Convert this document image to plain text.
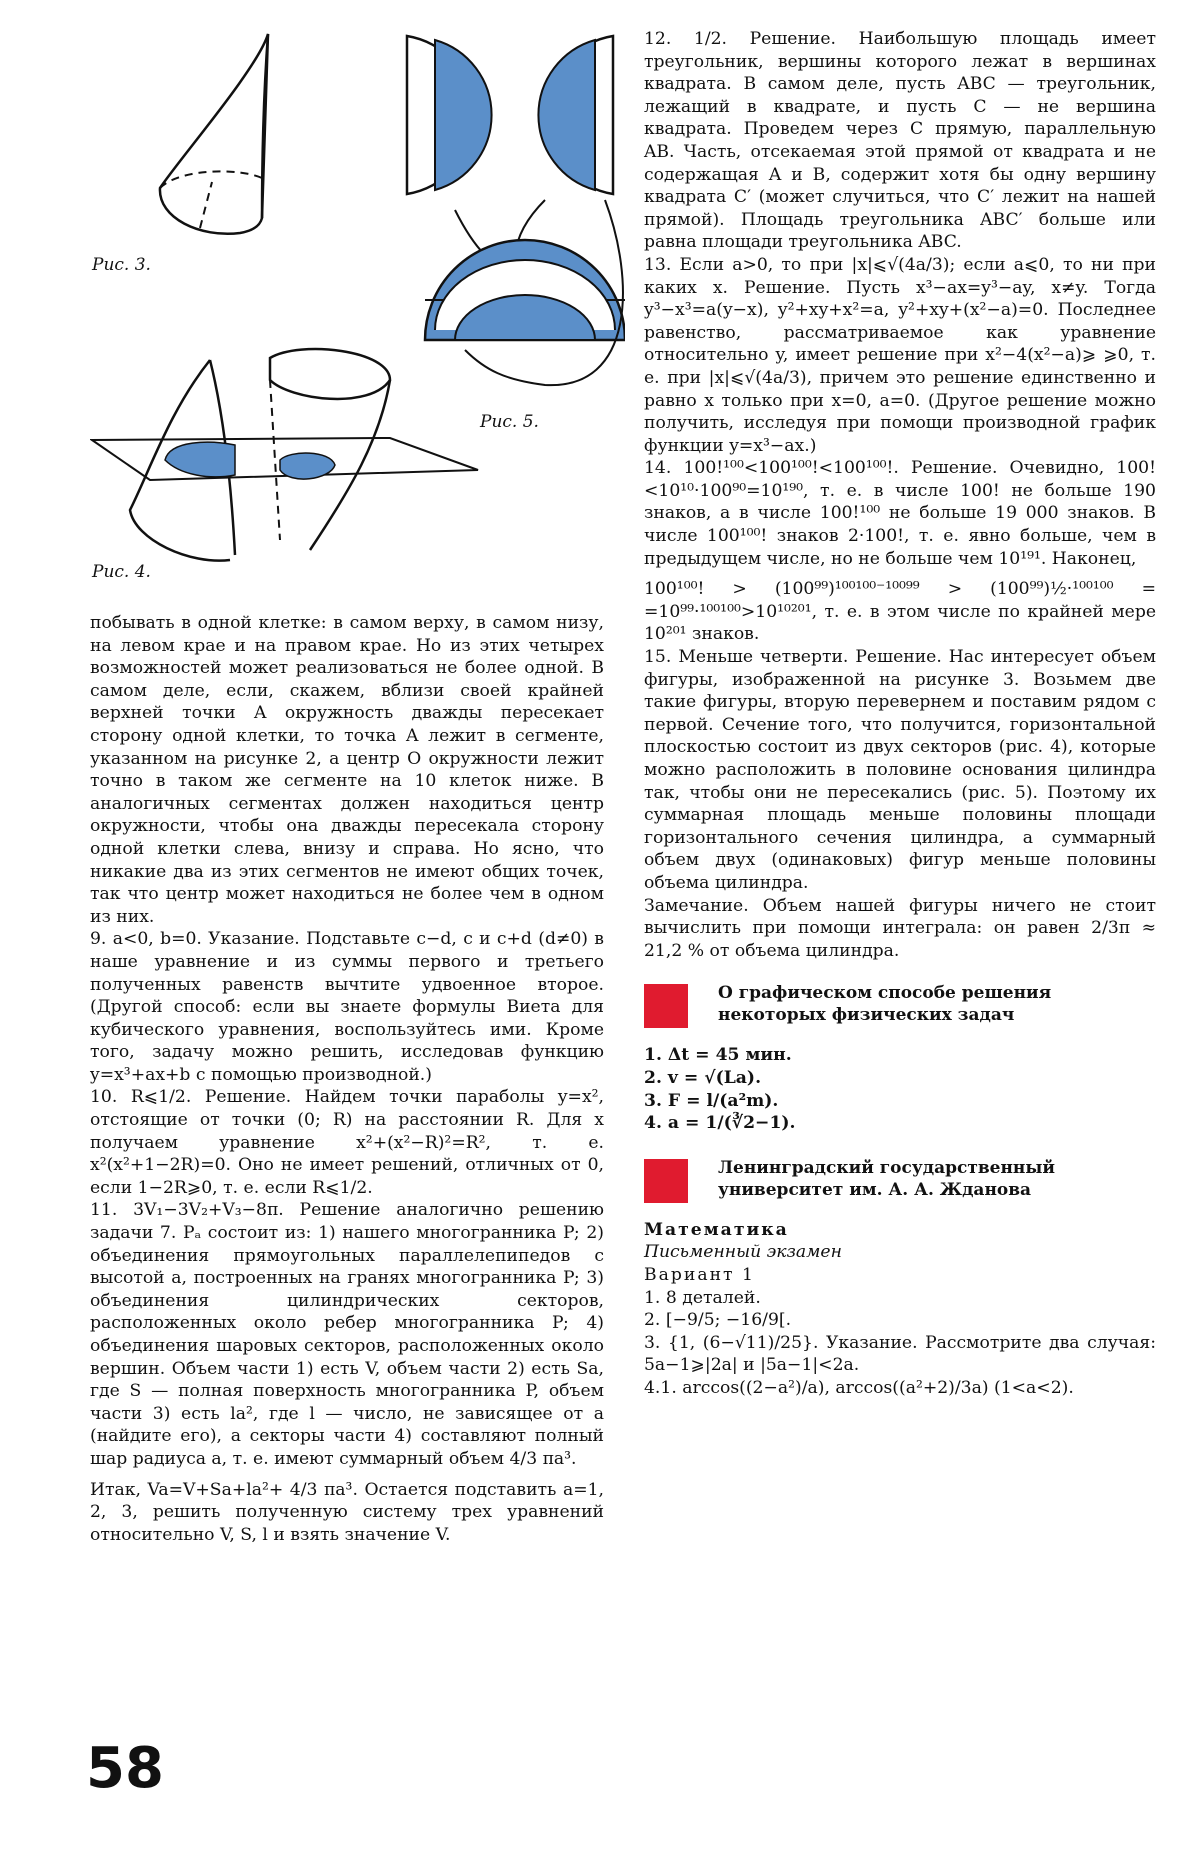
Рис. 3.
Рис. 4.
Рис. 5.

побывать в одной клетке: в самом верху, в самом низу, на левом крае и на правом крае. Но из этих четырех возможностей может реализоваться не более одной. В самом деле, если, скажем, вблизи своей крайней верхней точки A окружность дважды пересекает сторону одной клетки, то точка A лежит в сегменте, указанном на рисунке 2, а центр O окружности лежит точно в таком же сегменте на 10 клеток ниже. В аналогичных сегментах должен находиться центр окружности, чтобы она дважды пересекала сторону одной клетки слева, внизу и справа. Но ясно, что никакие два из этих сегментов не имеют общих точек, так что центр может находиться не более чем в одном из них.

9. a<0, b=0. Указание. Подставьте c−d, c и c+d (d≠0) в наше уравнение и из суммы первого и третьего полученных равенств вычтите удвоенное второе. (Другой способ: если вы знаете формулы Виета для кубического уравнения, воспользуйтесь ими. Кроме того, задачу можно решить, исследовав функцию y=x³+ax+b с помощью производной.)

10. R⩽1/2. Решение. Найдем точки параболы y=x², отстоящие от точки (0; R) на расстоянии R. Для x получаем уравнение x²+(x²−R)²=R², т. е. x²(x²+1−2R)=0. Оно не имеет решений, отличных от 0, если 1−2R⩾0, т. е. если R⩽1/2.

11. 3V₁−3V₂+V₃−8π. Решение аналогично решению задачи 7. Pₐ состоит из: 1) нашего многогранника P; 2) объединения прямоугольных параллелепипедов с высотой a, построенных на гранях многогранника P; 3) объединения цилиндрических секторов, расположенных около ребер многогранника P; 4) объединения шаровых секторов, расположенных около вершин. Объем части 1) есть V, объем части 2) есть Sa, где S — полная поверхность многогранника P, объем части 3) есть la², где l — число, не зависящее от a (найдите его), а секторы части 4) составляют полный шар радиуса a, т. е. имеют суммарный объем 4/3 πa³.

Итак, Va=V+Sa+la²+ 4/3 πa³. Остается подставить a=1, 2, 3, решить полученную систему трех уравнений относительно V, S, l и взять значение V.

58

12. 1/2. Решение. Наибольшую площадь имеет треугольник, вершины которого лежат в вершинах квадрата. В самом деле, пусть ABC — треугольник, лежащий в квадрате, и пусть C — не вершина квадрата. Проведем через C прямую, параллельную AB. Часть, отсекаемая этой прямой от квадрата и не содержащая A и B, содержит хотя бы одну вершину квадрата C′ (может случиться, что C′ лежит на нашей прямой). Площадь треугольника ABC′ больше или равна площади треугольника ABC.

13. Если a>0, то при |x|⩽√(4a/3); если a⩽0, то ни при каких x. Решение. Пусть x³−ax=y³−ay, x≠y. Тогда y³−x³=a(y−x), y²+xy+x²=a, y²+xy+(x²−a)=0. Последнее равенство, рассматриваемое как уравнение относительно y, имеет решение при x²−4(x²−a)⩾ ⩾0, т. е. при |x|⩽√(4a/3), причем это решение единственно и равно x только при x=0, a=0. (Другое решение можно получить, исследуя при помощи производной график функции y=x³−ax.)

14. 100!¹⁰⁰<100¹⁰⁰!<100¹⁰⁰!. Решение. Очевидно, 100!<10¹⁰·100⁹⁰=10¹⁹⁰, т. е. в числе 100! не больше 190 знаков, а в числе 100!¹⁰⁰ не больше 19 000 знаков. В числе 100¹⁰⁰! знаков 2·100!, т. е. явно больше, чем в предыдущем числе, но не больше чем 10¹⁹¹. Наконец,

100¹⁰⁰! > (100⁹⁹)¹⁰⁰¹⁰⁰⁻¹⁰⁰⁹⁹ > (100⁹⁹)½·¹⁰⁰¹⁰⁰ = =10⁹⁹·¹⁰⁰¹⁰⁰>10¹⁰²⁰¹, т. е. в этом числе по крайней мере 10²⁰¹ знаков.

15. Меньше четверти. Решение. Нас интересует объем фигуры, изображенной на рисунке 3. Возьмем две такие фигуры, вторую перевернем и поставим рядом с первой. Сечение того, что получится, горизонтальной плоскостью состоит из двух секторов (рис. 4), которые можно расположить в половине основания цилиндра так, чтобы они не пересекались (рис. 5). Поэтому их суммарная площадь меньше половины площади горизонтального сечения цилиндра, а суммарный объем двух (одинаковых) фигур меньше половины объема цилиндра.

Замечание. Объем нашей фигуры ничего не стоит вычислить при помощи интеграла: он равен 2/3π ≈ 21,2 % от объема цилиндра.

О графическом способе решения некоторых физических задач

1. Δt = 45 мин.

2. v = √(La).

3. F = l/(a²m).

4. a = 1/(∛2−1).

Ленинградский государственный университет им. А. А. Жданова

Математика

Письменный экзамен

Вариант 1

1. 8 деталей.

2. [−9/5; −16/9[.

3. {1, (6−√11)/25}. Указание. Рассмотрите два случая: 5a−1⩾|2a| и |5a−1|<2a.

4.1. arccos((2−a²)/a), arccos((a²+2)/3a) (1<a<2).
